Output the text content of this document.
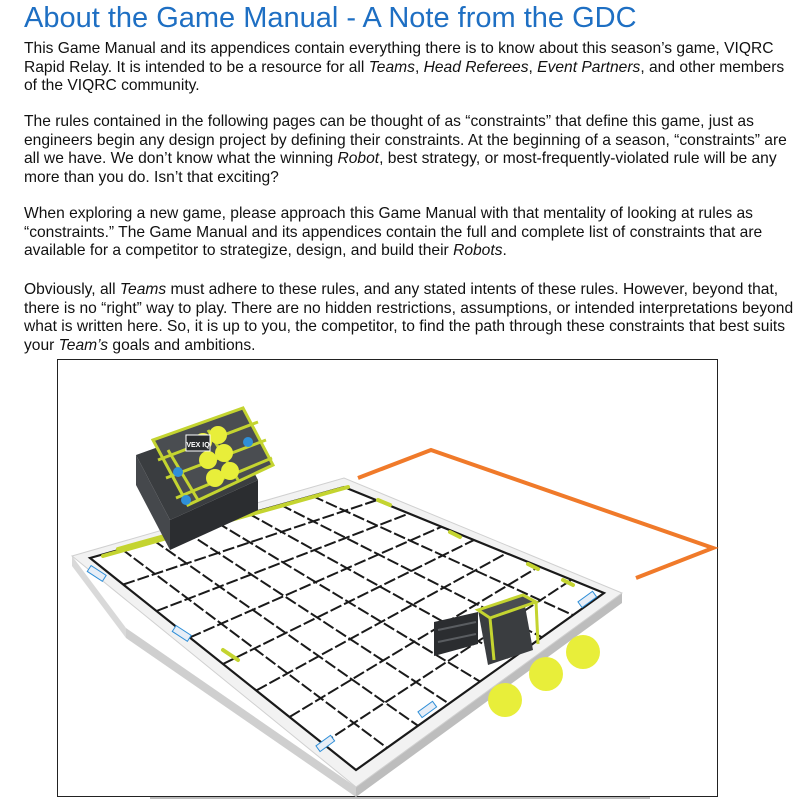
About the Game Manual - A Note from the GDC

This Game Manual and its appendices contain everything there is to know about this season’s game, VIQRC Rapid Relay. It is intended to be a resource for all Teams, Head Referees, Event Partners, and other members of the VIQRC community.

The rules contained in the following pages can be thought of as “constraints” that define this game, just as engineers begin any design project by defining their constraints. At the beginning of a season, “constraints” are all we have. We don’t know what the winning Robot, best strategy, or most-frequently-violated rule will be any more than you do. Isn’t that exciting?

When exploring a new game, please approach this Game Manual with that mentality of looking at rules as “constraints.” The Game Manual and its appendices contain the full and complete list of constraints that are available for a competitor to strategize, design, and build their Robots.

Obviously, all Teams must adhere to these rules, and any stated intents of these rules. However, beyond that, there is no “right” way to play. There are no hidden restrictions, assumptions, or intended interpretations beyond what is written here. So, it is up to you, the competitor, to find the path through these constraints that best suits your Team’s goals and ambitions.

VEX IQ
